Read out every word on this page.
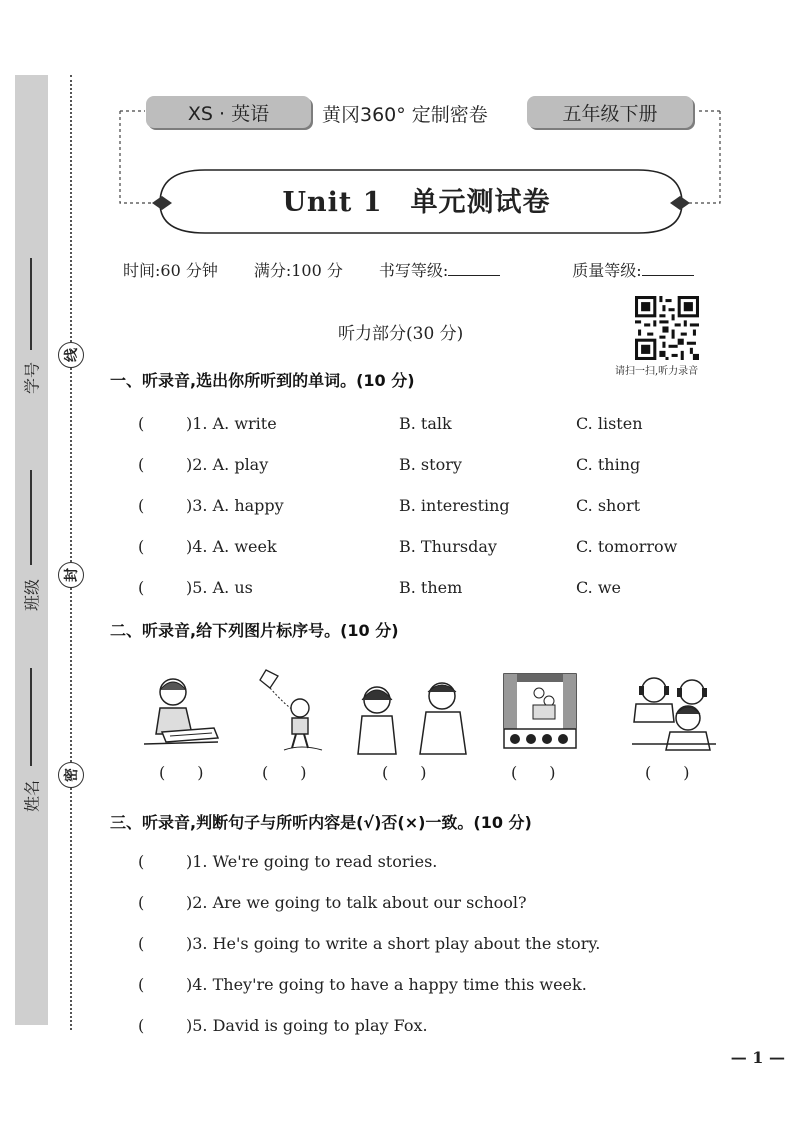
学号
班级
姓名
线
封
密
XS · 英语	黄冈360° 定制密卷	五年级下册
Unit 1　单元测试卷
时间:60 分钟 满分:100 分 书写等级:	质量等级:
听力部分(30 分)
请扫一扫,听力录音
一、听录音,选出你所听到的单词。(10 分)
(	)1. A. write	B. talk	C. listen
(	)2. A. play	B. story	C. thing
(	)3. A. happy	B. interesting	C. short
(	)4. A. week	B. Thursday	C. tomorrow
(	)5. A. us	B. them	C. we
二、听录音,给下列图片标序号。(10 分)
(　　)	(　　)	(　　)	(　　)	(　　)
三、听录音,判断句子与所听内容是(√)否(×)一致。(10 分)
(	)1. We're going to read stories.
(	)2. Are we going to talk about our school?
(	)3. He's going to write a short play about the story.
(	)4. They're going to have a happy time this week.
(	)5. David is going to play Fox.
— 1 —
